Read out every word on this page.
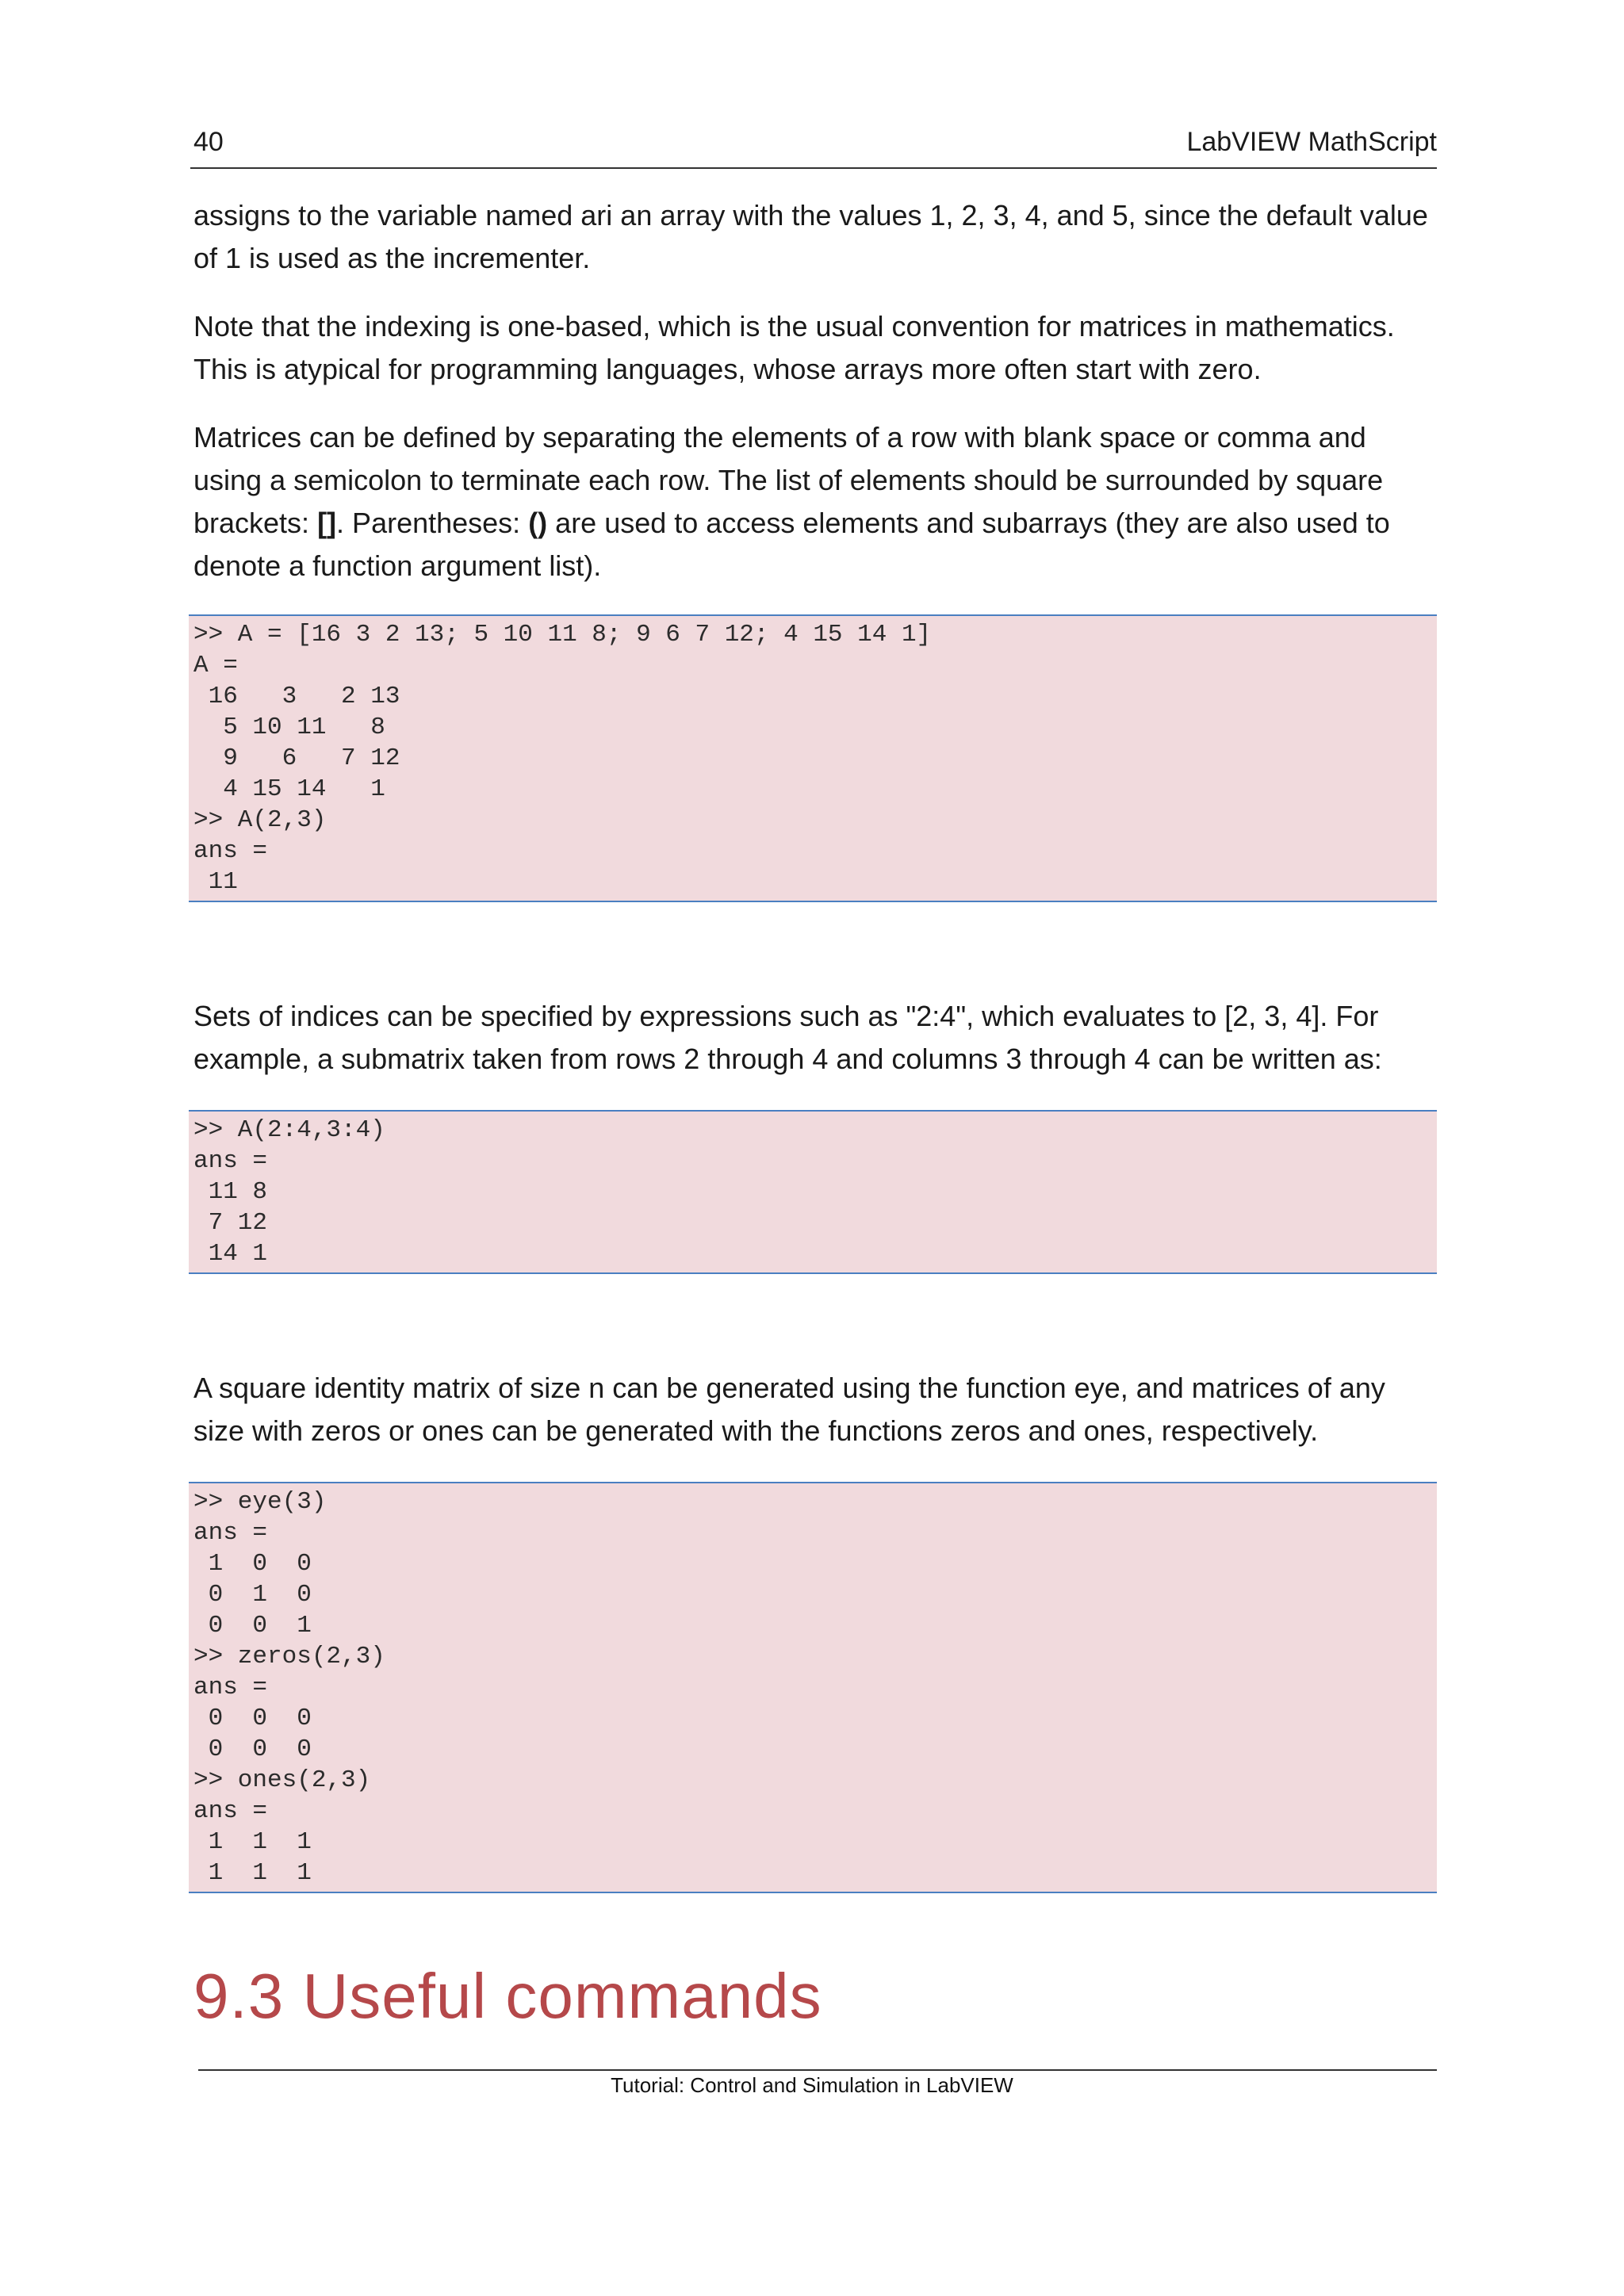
40	LabVIEW MathScript

assigns to the variable named ari an array with the values 1, 2, 3, 4, and 5, since the default value of 1 is used as the incrementer.

Note that the indexing is one-based, which is the usual convention for matrices in mathematics. This is atypical for programming languages, whose arrays more often start with zero.

Matrices can be defined by separating the elements of a row with blank space or comma and using a semicolon to terminate each row. The list of elements should be surrounded by square brackets: []. Parentheses: () are used to access elements and subarrays (they are also used to denote a function argument list).

>> A = [16 3 2 13; 5 10 11 8; 9 6 7 12; 4 15 14 1]
A =
16   3   2 13
5 10 11   8
9   6   7 12
4 15 14   1
>> A(2,3)
ans =
11

Sets of indices can be specified by expressions such as "2:4", which evaluates to [2, 3, 4]. For example, a submatrix taken from rows 2 through 4 and columns 3 through 4 can be written as:

>> A(2:4,3:4)
ans =
11 8
7 12
14 1

A square identity matrix of size n can be generated using the function eye, and matrices of any size with zeros or ones can be generated with the functions zeros and ones, respectively.

>> eye(3)
ans =
1  0  0
0  1  0
0  0  1
>> zeros(2,3)
ans =
0  0  0
0  0  0
>> ones(2,3)
ans =
1  1  1
1  1  1
9.3 Useful commands
Tutorial: Control and Simulation in LabVIEW
